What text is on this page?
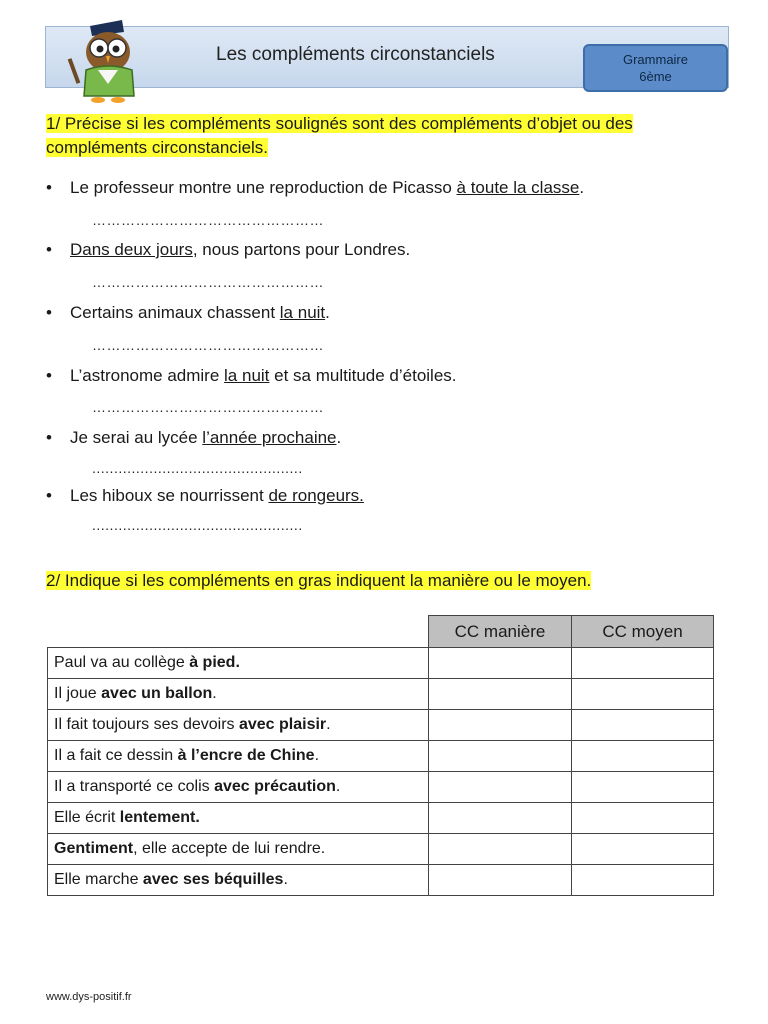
Les compléments circonstanciels	Grammaire
6ème
1/ Précise si les compléments soulignés sont des compléments d’objet ou des compléments circonstanciels.
• Le professeur montre une reproduction de Picasso à toute la classe.
…………………………………………
• Dans deux jours, nous partons pour Londres.
…………………………………………
• Certains animaux chassent la nuit.
…………………………………………
• L’astronome admire la nuit et sa multitude d’étoiles.
…………………………………………
• Je serai au lycée l’année prochaine.
................................................
• Les hiboux se nourrissent de rongeurs.
................................................
2/ Indique si les compléments en gras indiquent la manière ou le moyen.
	CC manière	CC moyen
Paul va au collège à pied.		
Il joue avec un ballon.		
Il fait toujours ses devoirs avec plaisir.		
Il a fait ce dessin à l’encre de Chine.		
Il a transporté ce colis avec précaution.		
Elle écrit lentement.		
Gentiment, elle accepte de lui rendre.		
Elle marche avec ses béquilles.		
www.dys-positif.fr
